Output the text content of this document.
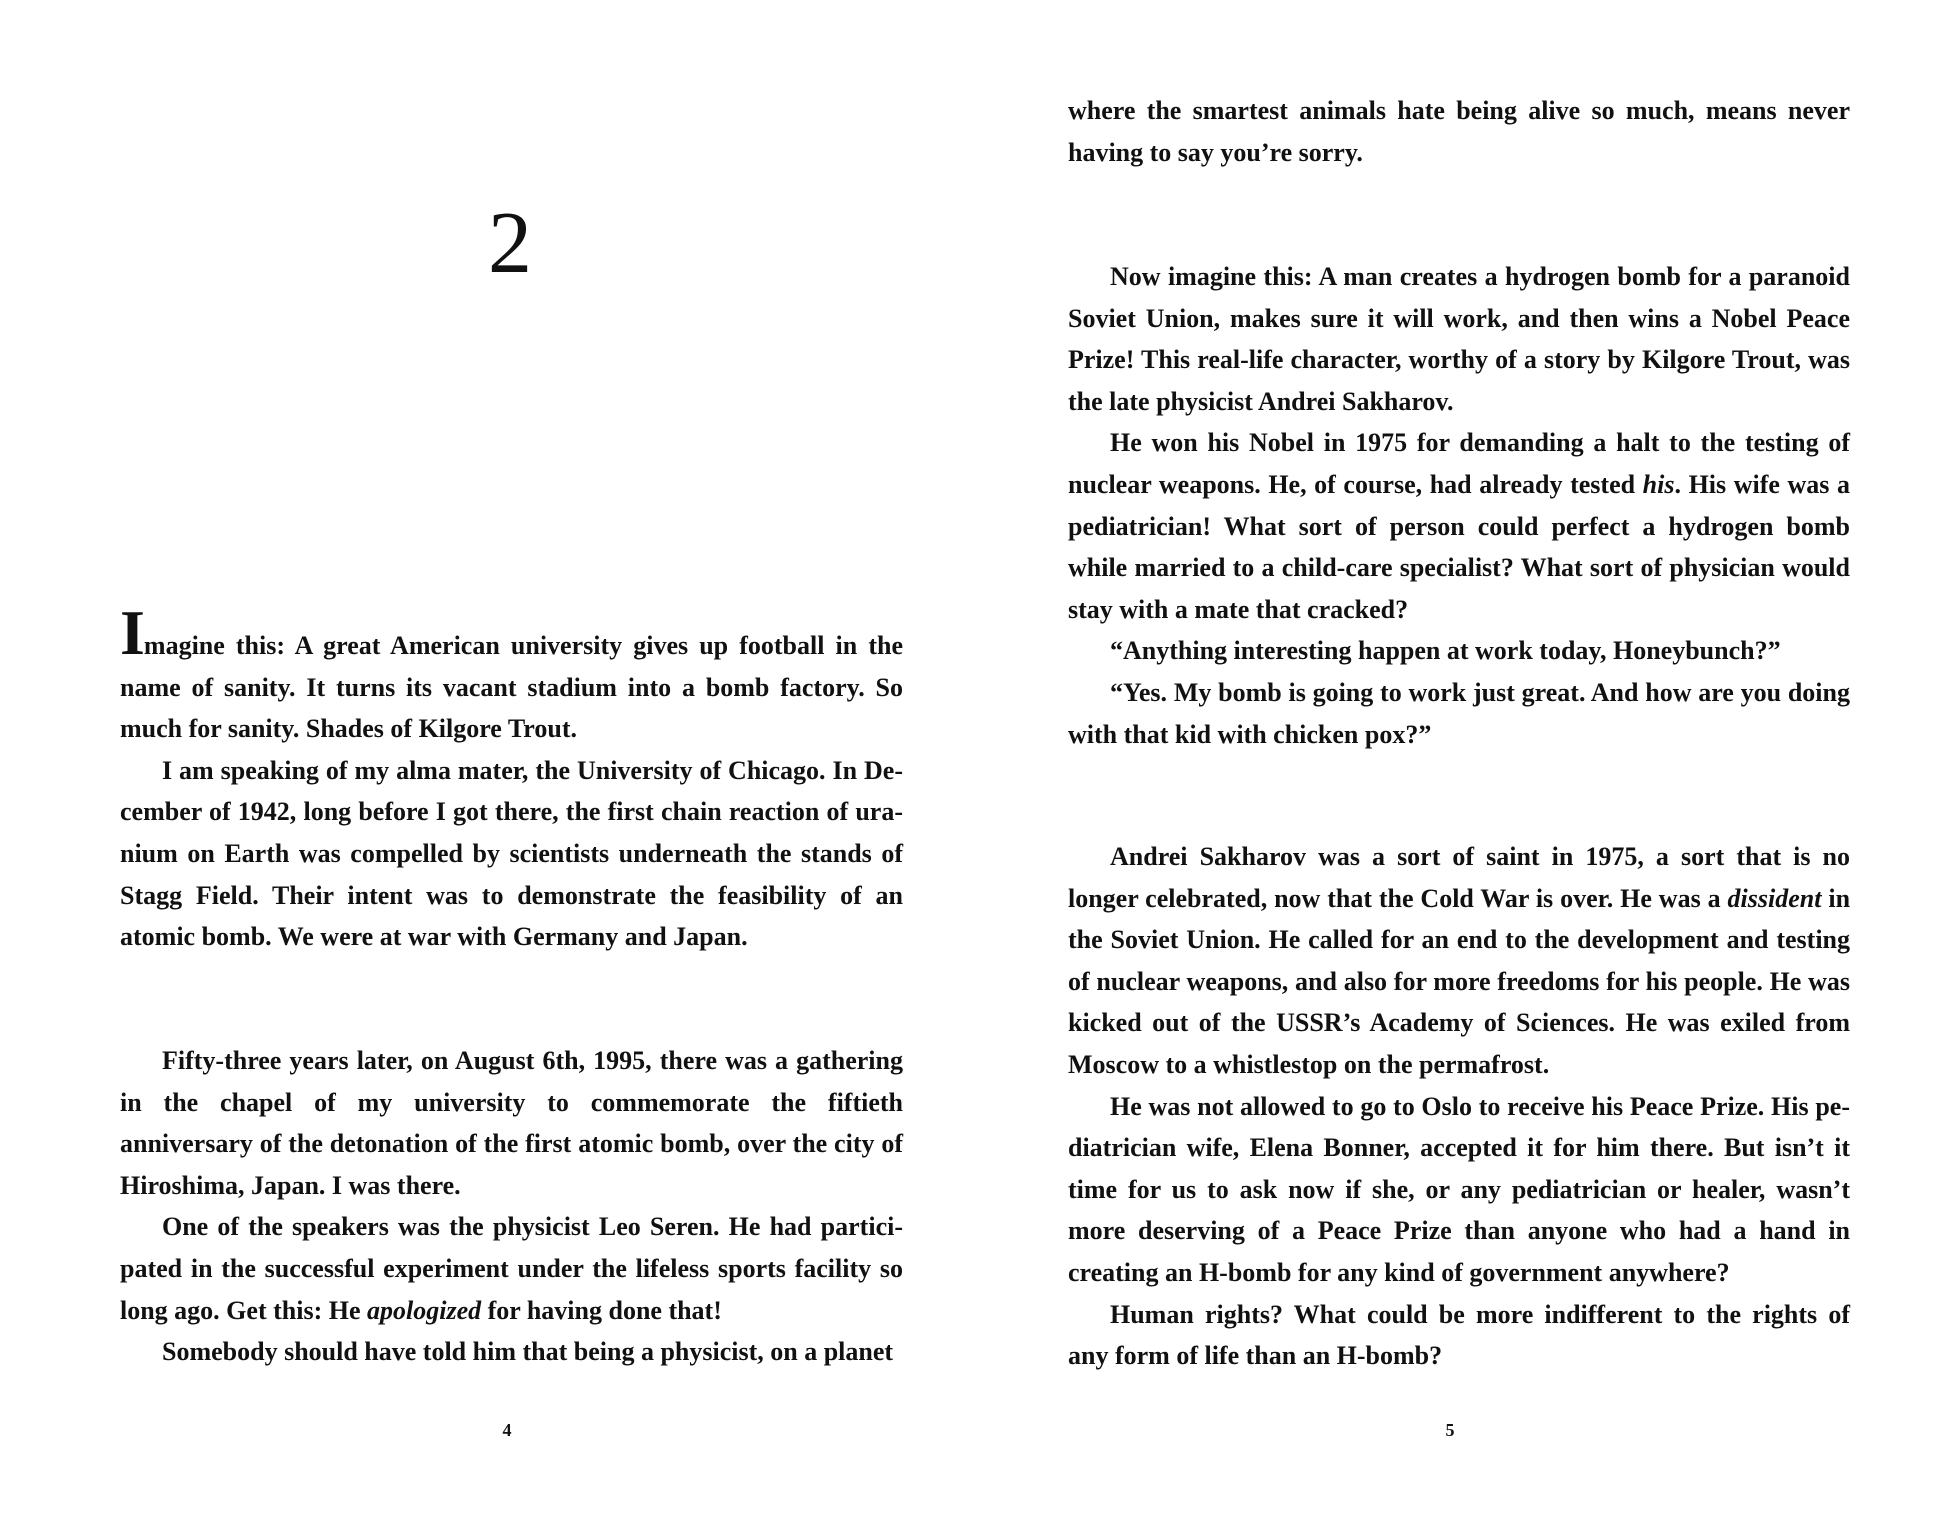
2

Imagine this: A great American university gives up football in the name of sanity. It turns its vacant stadium into a bomb factory. So much for sanity. Shades of Kilgore Trout.

I am speaking of my alma mater, the University of Chicago. In December of 1942, long before I got there, the first chain reaction of uranium on Earth was compelled by scientists underneath the stands of Stagg Field. Their intent was to demonstrate the feasibility of an atomic bomb. We were at war with Germany and Japan.

Fifty-three years later, on August 6th, 1995, there was a gathering in the chapel of my university to commemorate the fiftieth anniversary of the detonation of the first atomic bomb, over the city of Hiroshima, Japan. I was there.

One of the speakers was the physicist Leo Seren. He had participated in the successful experiment under the lifeless sports facility so long ago. Get this: He apologized for having done that!

Somebody should have told him that being a physicist, on a planet

4

where the smartest animals hate being alive so much, means never having to say you’re sorry.

Now imagine this: A man creates a hydrogen bomb for a paranoid Soviet Union, makes sure it will work, and then wins a Nobel Peace Prize! This real-life character, worthy of a story by Kilgore Trout, was the late physicist Andrei Sakharov.

He won his Nobel in 1975 for demanding a halt to the testing of nuclear weapons. He, of course, had already tested his. His wife was a pediatrician! What sort of person could perfect a hydrogen bomb while married to a child-care specialist? What sort of physician would stay with a mate that cracked?

“Anything interesting happen at work today, Honeybunch?”

“Yes. My bomb is going to work just great. And how are you doing with that kid with chicken pox?”

Andrei Sakharov was a sort of saint in 1975, a sort that is no longer celebrated, now that the Cold War is over. He was a dissident in the Soviet Union. He called for an end to the development and testing of nuclear weapons, and also for more freedoms for his people. He was kicked out of the USSR’s Academy of Sciences. He was exiled from Moscow to a whistlestop on the permafrost.

He was not allowed to go to Oslo to receive his Peace Prize. His pediatrician wife, Elena Bonner, accepted it for him there. But isn’t it time for us to ask now if she, or any pediatrician or healer, wasn’t more deserving of a Peace Prize than anyone who had a hand in creating an H-bomb for any kind of government anywhere?

Human rights? What could be more indifferent to the rights of any form of life than an H-bomb?

5
